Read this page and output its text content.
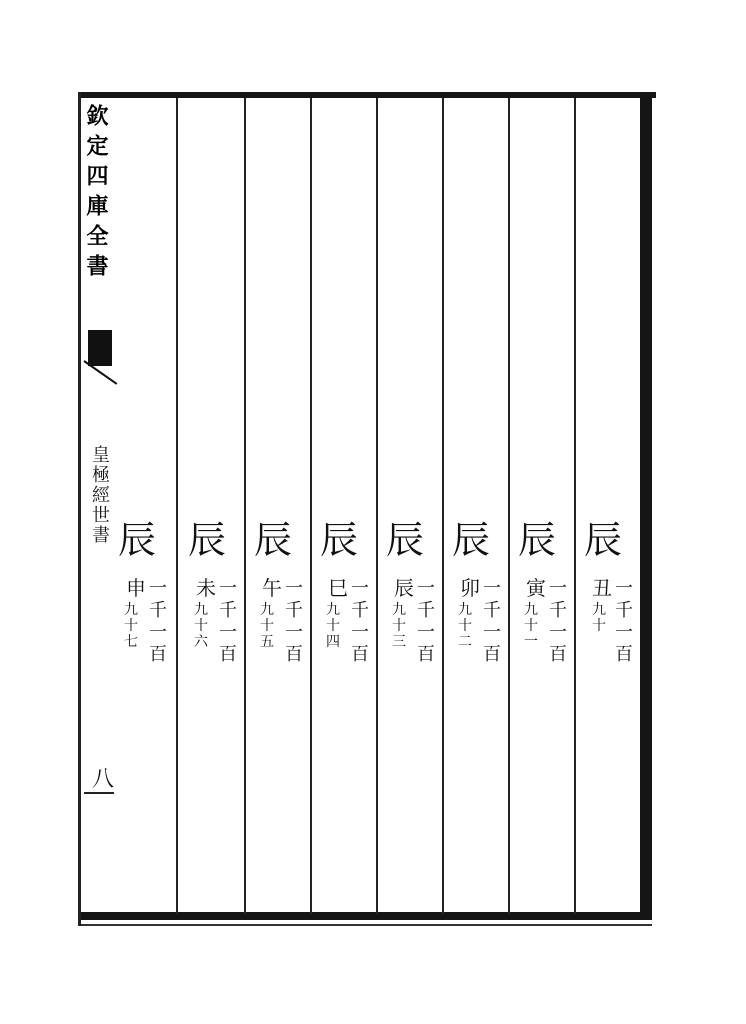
欽定四庫全書
皇極經世書
八
辰
丑 一千一百
九
十
辰
寅 一千一百
九
十
一
辰
卯 一千一百
九
十
二
辰
辰 一千一百
九
十
三
辰
巳 一千一百
九
十
四
辰
午 一千一百
九
十
五
辰
未 一千一百
九
十
六
辰
申 一千一百
九
十
七
